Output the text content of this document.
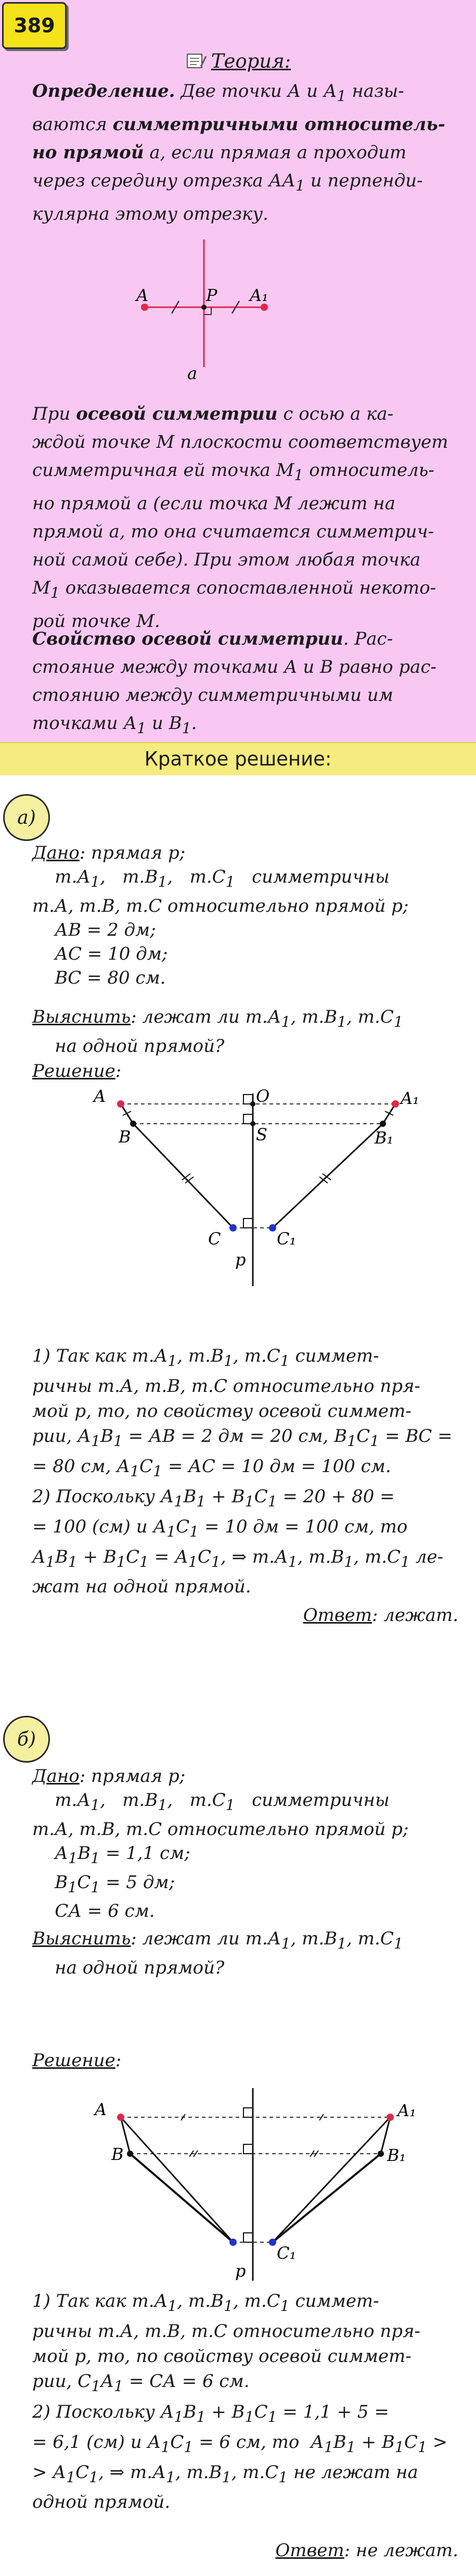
389
Теория:
Определение. Две точки А и $А_1$ назы-
ваются симметричными относитель-
но прямой а, если прямая а проходит
через середину отрезка $АА_1$ и перпенди-
кулярна этому отрезку.
A	P A₁
a
При осевой симметрии с осью а ка-
ждой точке М плоскости соответствует
симметричная ей точка $М_1$ относитель-
но прямой а (если точка М лежит на
прямой а, то она считается симметрич-
ной самой себе). При этом любая точка
$М_1$ оказывается сопоставленной некото-
рой точке М.
Свойство осевой симметрии. Рас-
стояние между точками А и В равно рас-
стоянию между симметричными им
точками $А_1$ и $В_1$.
Краткое решение:
а)
Дано: прямая p;
$т.А_1$,   $т.В_1$,   $т.С_1$   симметричны
т.А, т.В, т.С относительно прямой p;
АВ = 2 дм;
АС = 10 дм;
ВС = 80 см.
Выяснить: лежат ли $т.А_1$, $т.В_1$, $т.С_1$
на одной прямой?
Решение:
A	A₁
B	B₁
O
S
C	C₁
p
1) Так как $т.А_1$, $т.В_1$, $т.С_1$ симмет-
ричны т.А, т.В, т.С относительно пря-
мой p, то, по свойству осевой симмет-
рии, $А_1В_1$ = АВ = 2 дм = 20 см, $В_1С_1$ = ВС =
= 80 см, $А_1С_1$ = АС = 10 дм = 100 см.
2) Поскольку $А_1В_1 + В_1С_1 = 20 + 80$ =
= 100 (см) и $А_1С_1 = 10$ дм = 100 см, то
$А_1В_1 + В_1С_1 = А_1С_1$, ⇒ $т.А_1$, $т.В_1$, $т.С_1$ ле-
жат на одной прямой.
Ответ: лежат.
б)
Дано: прямая p;
$т.А_1$,   $т.В_1$,   $т.С_1$   симметричны
т.А, т.В, т.С относительно прямой p;
$А_1В_1 = 1,1$ см;
$В_1С_1 = 5$ дм;
СА = 6 см.
Выяснить: лежат ли $т.А_1$, $т.В_1$, $т.С_1$
на одной прямой?
Решение:
A	A₁
B	B₁
C₁
p
1) Так как $т.А_1$, $т.В_1$, $т.С_1$ симмет-
ричны т.А, т.В, т.С относительно пря-
мой p, то, по свойству осевой симмет-
рии, $С_1А_1$ = СА = 6 см.
2) Поскольку $А_1В_1 + В_1С_1 = 1,1 + 5$ =
= 6,1 (см) и $А_1С_1 = 6$ см, то  $А_1В_1 + В_1С_1$ >
> $А_1С_1$, ⇒ $т.А_1$, $т.В_1$, $т.С_1$ не лежат на
одной прямой.
Ответ: не лежат.
